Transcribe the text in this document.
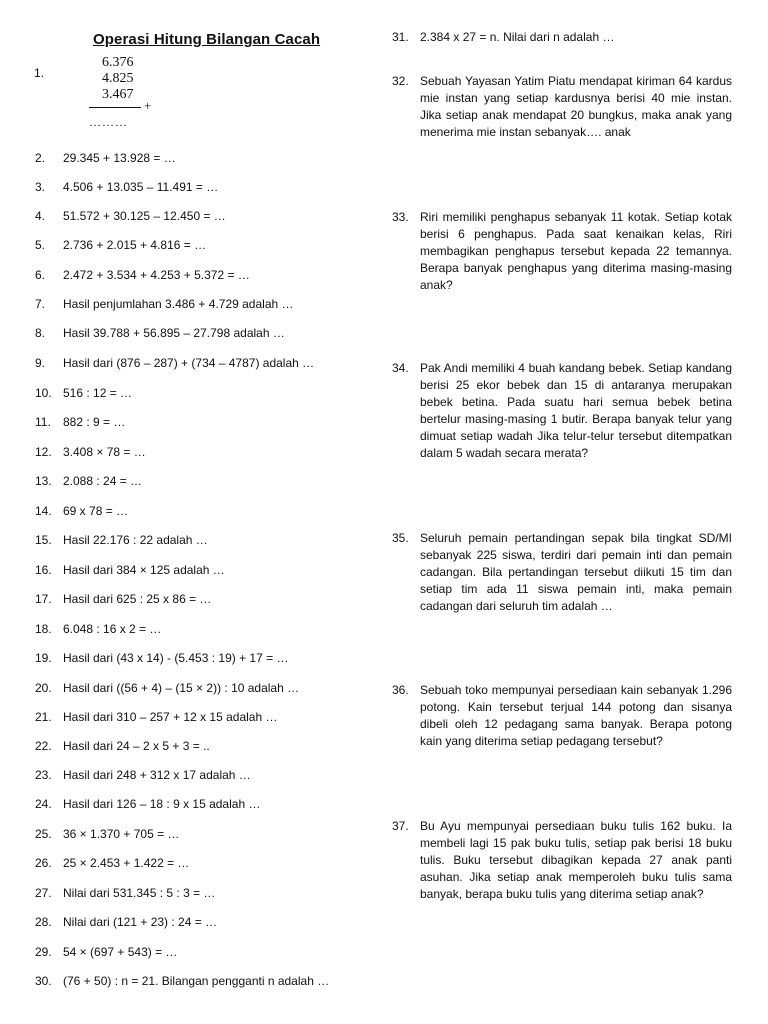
Operasi Hitung Bilangan Cacah
1.
6.376
4.825
3.467
+
………
2. 29.345 + 13.928 = …
3. 4.506 + 13.035 – 11.491 = …
4. 51.572 + 30.125 – 12.450 = …
5. 2.736 + 2.015 + 4.816 = …
6. 2.472 + 3.534 + 4.253 + 5.372 = …
7. Hasil penjumlahan 3.486 + 4.729 adalah …
8. Hasil 39.788 + 56.895 – 27.798 adalah …
9. Hasil dari (876 – 287) + (734 – 4787) adalah …
10. 516 : 12 = …
11. 882 : 9 = …
12. 3.408 × 78 = …
13. 2.088 : 24 = …
14. 69 x 78 = …
15. Hasil 22.176 : 22 adalah …
16. Hasil dari 384 × 125 adalah …
17. Hasil dari 625 : 25 x 86 = …
18. 6.048 : 16 x 2 = …
19. Hasil dari (43 x 14) - (5.453 : 19) + 17 = …
20. Hasil dari ((56 + 4) – (15 × 2)) : 10 adalah …
21. Hasil dari 310 – 257 + 12 x 15 adalah …
22. Hasil dari 24 – 2 x 5 + 3 = ..
23. Hasil dari 248 + 312 x 17 adalah …
24. Hasil dari 126 – 18 : 9 x 15 adalah …
25. 36 × 1.370 + 705 = …
26. 25 × 2.453 + 1.422 = …
27. Nilai dari 531.345 : 5 : 3 = …
28. Nilai dari (121 + 23) : 24 = …
29. 54 × (697 + 543) = …
30. (76 + 50) : n = 21. Bilangan pengganti n adalah …
31. 2.384 x 27 = n. Nilai dari n adalah …
32. Sebuah Yayasan Yatim Piatu mendapat kiriman 64 kardus mie instan yang setiap kardusnya berisi 40 mie instan. Jika setiap anak mendapat 20 bungkus, maka anak yang menerima mie instan sebanyak…. anak
33. Riri memiliki penghapus sebanyak 11 kotak. Setiap kotak berisi 6 penghapus. Pada saat kenaikan kelas, Riri membagikan penghapus tersebut kepada 22 temannya. Berapa banyak penghapus yang diterima masing-masing anak?
34. Pak Andi memiliki 4 buah kandang bebek. Setiap kandang berisi 25 ekor bebek dan 15 di antaranya merupakan bebek betina. Pada suatu hari semua bebek betina bertelur masing-masing 1 butir. Berapa banyak telur yang dimuat setiap wadah Jika telur-telur tersebut ditempatkan dalam 5 wadah secara merata?
35. Seluruh pemain pertandingan sepak bila tingkat SD/MI sebanyak 225 siswa, terdiri dari pemain inti dan pemain cadangan. Bila pertandingan tersebut diikuti 15 tim dan setiap tim ada 11 siswa pemain inti, maka pemain cadangan dari seluruh tim adalah …
36. Sebuah toko mempunyai persediaan kain sebanyak 1.296 potong. Kain tersebut terjual 144 potong dan sisanya dibeli oleh 12 pedagang sama banyak. Berapa potong kain yang diterima setiap pedagang tersebut?
37. Bu Ayu mempunyai persediaan buku tulis 162 buku. Ia membeli lagi 15 pak buku tulis, setiap pak berisi 18 buku tulis. Buku tersebut dibagikan kepada 27 anak panti asuhan. Jika setiap anak memperoleh buku tulis sama banyak, berapa buku tulis yang diterima setiap anak?
